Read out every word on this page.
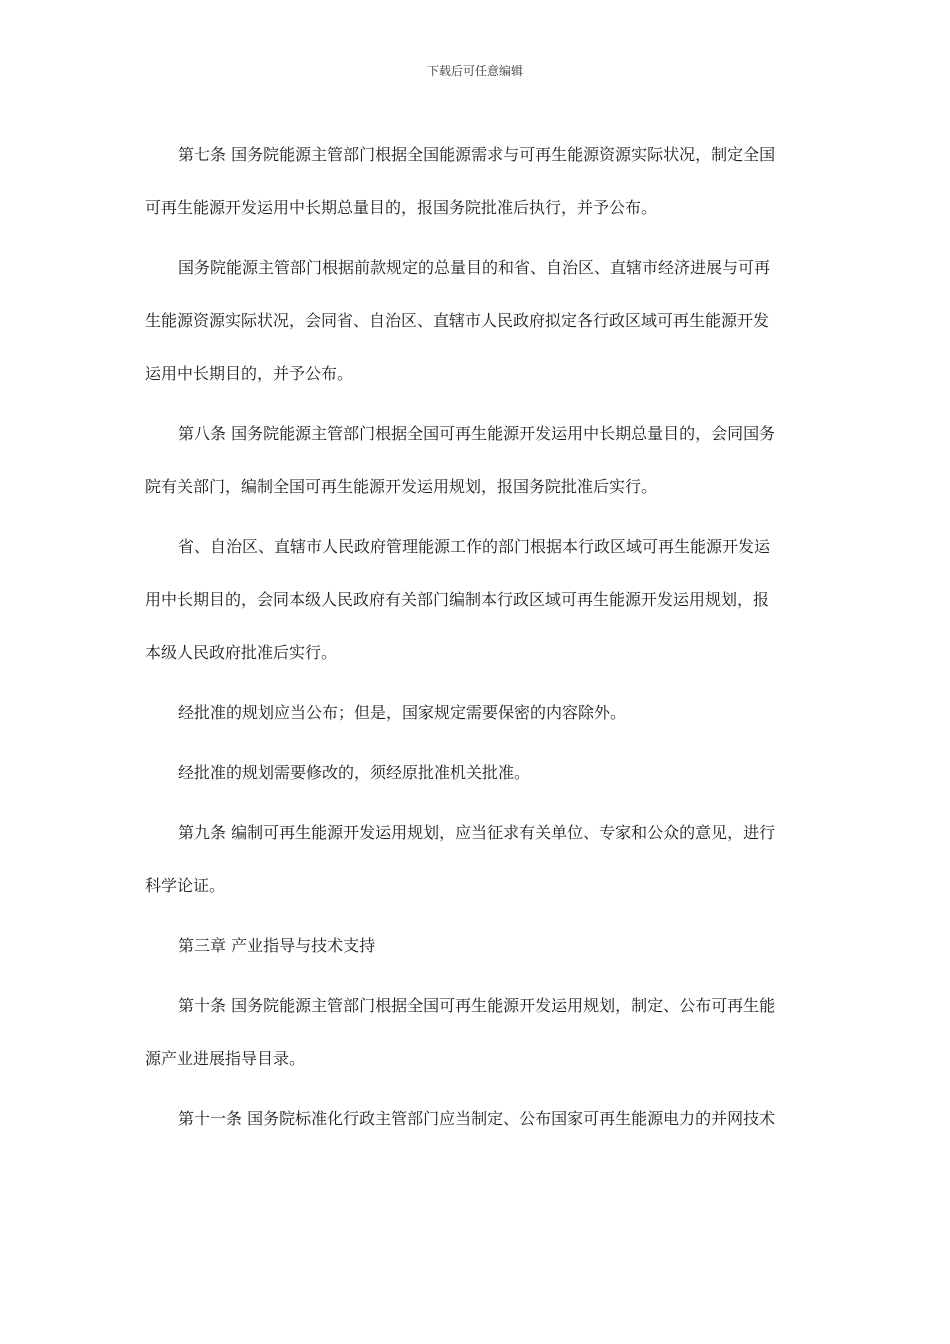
下载后可任意编辑

第七条 国务院能源主管部门根据全国能源需求与可再生能源资源实际状况，制定全国
可再生能源开发运用中长期总量目的，报国务院批准后执行，并予公布。

国务院能源主管部门根据前款规定的总量目的和省、自治区、直辖市经济进展与可再
生能源资源实际状况，会同省、自治区、直辖市人民政府拟定各行政区域可再生能源开发
运用中长期目的，并予公布。

第八条 国务院能源主管部门根据全国可再生能源开发运用中长期总量目的，会同国务
院有关部门，编制全国可再生能源开发运用规划，报国务院批准后实行。

省、自治区、直辖市人民政府管理能源工作的部门根据本行政区域可再生能源开发运
用中长期目的，会同本级人民政府有关部门编制本行政区域可再生能源开发运用规划，报
本级人民政府批准后实行。

经批准的规划应当公布；但是，国家规定需要保密的内容除外。

经批准的规划需要修改的，须经原批准机关批准。

第九条 编制可再生能源开发运用规划，应当征求有关单位、专家和公众的意见，进行
科学论证。

第三章 产业指导与技术支持

第十条 国务院能源主管部门根据全国可再生能源开发运用规划，制定、公布可再生能
源产业进展指导目录。

第十一条 国务院标准化行政主管部门应当制定、公布国家可再生能源电力的并网技术
